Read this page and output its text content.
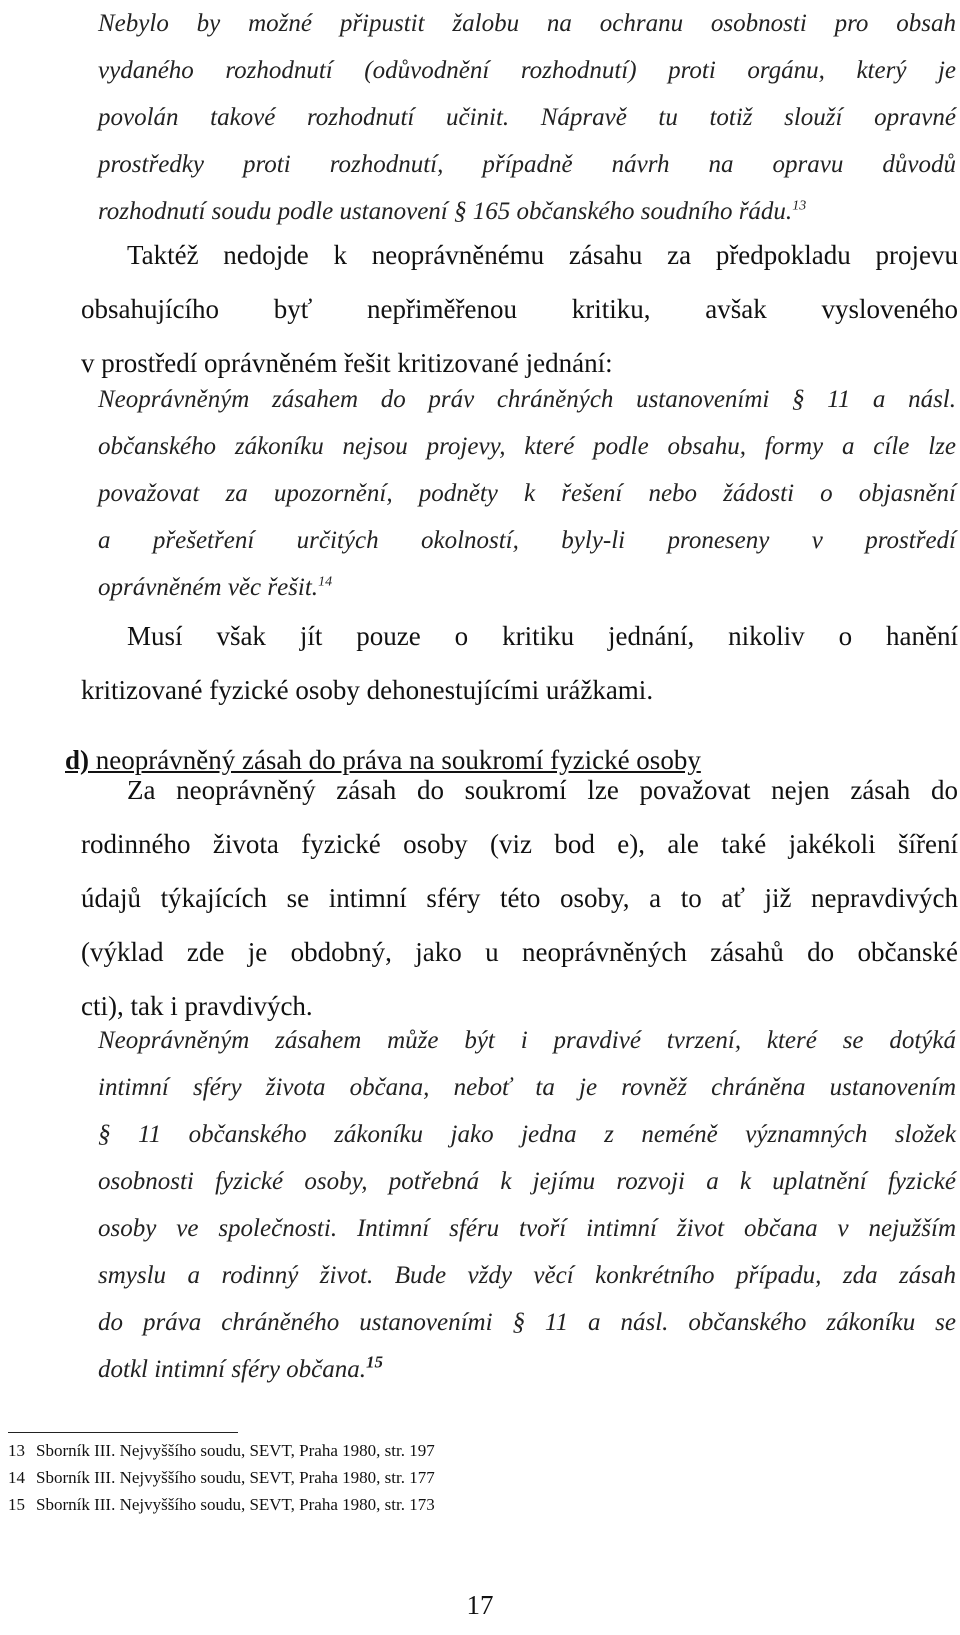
Nebylo by možné připustit žalobu na ochranu osobnosti pro obsah
vydaného rozhodnutí (odůvodnění rozhodnutí) proti orgánu, který je
povolán takové rozhodnutí učinit. Nápravě tu totiž slouží opravné
prostředky proti rozhodnutí, případně návrh na opravu důvodů
rozhodnutí soudu podle ustanovení § 165 občanského soudního řádu.$^{13}$
Taktéž nedojde k neoprávněnému zásahu za předpokladu projevu
obsahujícího byť nepřiměřenou kritiku, avšak vysloveného
v prostředí oprávněném řešit kritizované jednání:
Neoprávněným zásahem do práv chráněných ustanoveními § 11 a násl.
občanského zákoníku nejsou projevy, které podle obsahu, formy a cíle lze
považovat za upozornění, podněty k řešení nebo žádosti o objasnění
a přešetření určitých okolností, byly-li proneseny v prostředí
oprávněném věc řešit.$^{14}$
Musí však jít pouze o kritiku jednání, nikoliv o hanění
kritizované fyzické osoby dehonestujícími urážkami.
d) neoprávněný zásah do práva na soukromí fyzické osoby
Za neoprávněný zásah do soukromí lze považovat nejen zásah do
rodinného života fyzické osoby (viz bod e), ale také jakékoli šíření
údajů týkajících se intimní sféry této osoby, a to ať již nepravdivých
(výklad zde je obdobný, jako u neoprávněných zásahů do občanské
cti), tak i pravdivých.
Neoprávněným zásahem může být i pravdivé tvrzení, které se dotýká
intimní sféry života občana, neboť ta je rovněž chráněna ustanovením
§ 11 občanského zákoníku jako jedna z neméně významných složek
osobnosti fyzické osoby, potřebná k jejímu rozvoji a k uplatnění fyzické
osoby ve společnosti. Intimní sféru tvoří intimní život občana v nejužším
smyslu a rodinný život. Bude vždy věcí konkrétního případu, zda zásah
do práva chráněného ustanoveními § 11 a násl. občanského zákoníku se
dotkl intimní sféry občana.$^{15}$
13 Sborník III. Nejvyššího soudu, SEVT, Praha 1980, str. 197
14 Sborník III. Nejvyššího soudu, SEVT, Praha 1980, str. 177
15 Sborník III. Nejvyššího soudu, SEVT, Praha 1980, str. 173
17
